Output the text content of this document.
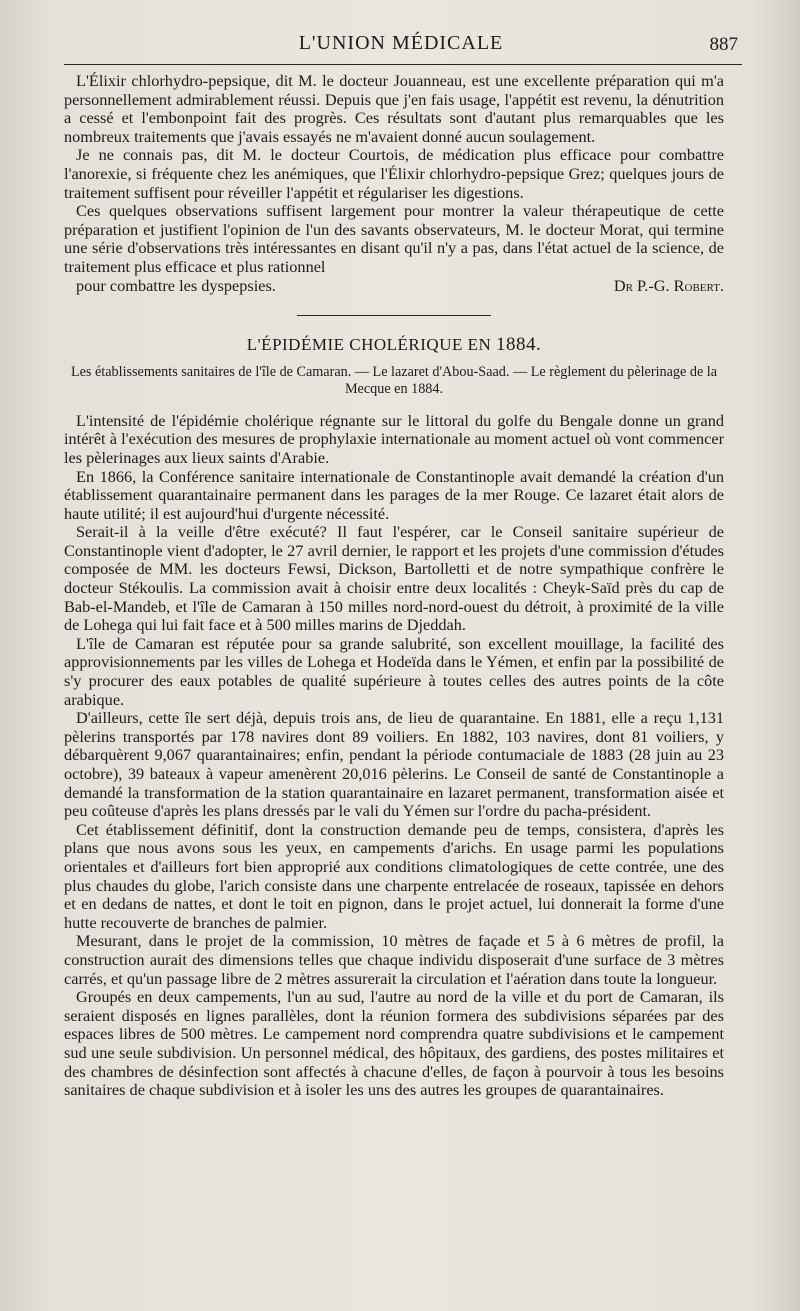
L'UNION MÉDICALE	887

L'Élixir chlorhydro-pepsique, dit M. le docteur Jouanneau, est une excellente préparation qui m'a personnellement admirablement réussi. Depuis que j'en fais usage, l'appétit est revenu, la dénutrition a cessé et l'embonpoint fait des progrès. Ces résultats sont d'autant plus remarquables que les nombreux traitements que j'avais essayés ne m'avaient donné aucun soulagement.

Je ne connais pas, dit M. le docteur Courtois, de médication plus efficace pour combattre l'anorexie, si fréquente chez les anémiques, que l'Élixir chlorhydro-pepsique Grez; quelques jours de traitement suffisent pour réveiller l'appétit et régulariser les digestions.

Ces quelques observations suffisent largement pour montrer la valeur thérapeutique de cette préparation et justifient l'opinion de l'un des savants observateurs, M. le docteur Morat, qui termine une série d'observations très intéressantes en disant qu'il n'y a pas, dans l'état actuel de la science, de traitement plus efficace et plus rationnel

pour combattre les dyspepsies.	Dr P.-G. Robert.

L'ÉPIDÉMIE CHOLÉRIQUE EN 1884.
Les établissements sanitaires de l'île de Camaran. — Le lazaret d'Abou-Saad. — Le règlement du pèlerinage de la Mecque en 1884.

L'intensité de l'épidémie cholérique régnante sur le littoral du golfe du Bengale donne un grand intérêt à l'exécution des mesures de prophylaxie internationale au moment actuel où vont commencer les pèlerinages aux lieux saints d'Arabie.

En 1866, la Conférence sanitaire internationale de Constantinople avait demandé la création d'un établissement quarantainaire permanent dans les parages de la mer Rouge. Ce lazaret était alors de haute utilité; il est aujourd'hui d'urgente nécessité.

Serait-il à la veille d'être exécuté? Il faut l'espérer, car le Conseil sanitaire supérieur de Constantinople vient d'adopter, le 27 avril dernier, le rapport et les projets d'une commission d'études composée de MM. les docteurs Fewsi, Dickson, Bartolletti et de notre sympathique confrère le docteur Stékoulis. La commission avait à choisir entre deux localités : Cheyk-Saïd près du cap de Bab-el-Mandeb, et l'île de Camaran à 150 milles nord-nord-ouest du détroit, à proximité de la ville de Lohega qui lui fait face et à 500 milles marins de Djeddah.

L'île de Camaran est réputée pour sa grande salubrité, son excellent mouillage, la facilité des approvisionnements par les villes de Lohega et Hodeïda dans le Yémen, et enfin par la possibilité de s'y procurer des eaux potables de qualité supérieure à toutes celles des autres points de la côte arabique.

D'ailleurs, cette île sert déjà, depuis trois ans, de lieu de quarantaine. En 1881, elle a reçu 1,131 pèlerins transportés par 178 navires dont 89 voiliers. En 1882, 103 navires, dont 81 voiliers, y débarquèrent 9,067 quarantainaires; enfin, pendant la période contumaciale de 1883 (28 juin au 23 octobre), 39 bateaux à vapeur amenèrent 20,016 pèlerins. Le Conseil de santé de Constantinople a demandé la transformation de la station quarantainaire en lazaret permanent, transformation aisée et peu coûteuse d'après les plans dressés par le vali du Yémen sur l'ordre du pacha-président.

Cet établissement définitif, dont la construction demande peu de temps, consistera, d'après les plans que nous avons sous les yeux, en campements d'arichs. En usage parmi les populations orientales et d'ailleurs fort bien approprié aux conditions climatologiques de cette contrée, une des plus chaudes du globe, l'arich consiste dans une charpente entrelacée de roseaux, tapissée en dehors et en dedans de nattes, et dont le toit en pignon, dans le projet actuel, lui donnerait la forme d'une hutte recouverte de branches de palmier.

Mesurant, dans le projet de la commission, 10 mètres de façade et 5 à 6 mètres de profil, la construction aurait des dimensions telles que chaque individu disposerait d'une surface de 3 mètres carrés, et qu'un passage libre de 2 mètres assurerait la circulation et l'aération dans toute la longueur.

Groupés en deux campements, l'un au sud, l'autre au nord de la ville et du port de Camaran, ils seraient disposés en lignes parallèles, dont la réunion formera des subdivisions séparées par des espaces libres de 500 mètres. Le campement nord comprendra quatre subdivisions et le campement sud une seule subdivision. Un personnel médical, des hôpitaux, des gardiens, des postes militaires et des chambres de désinfection sont affectés à chacune d'elles, de façon à pourvoir à tous les besoins sanitaires de chaque subdivision et à isoler les uns des autres les groupes de quarantainaires.
